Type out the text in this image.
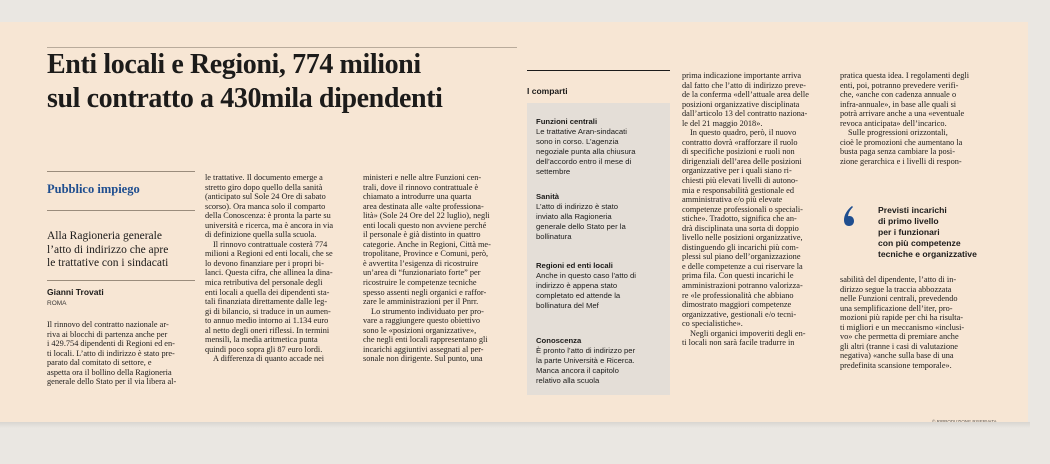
Enti locali e Regioni, 774 milioni
sul contratto a 430mila dipendenti
Pubblico impiego

Alla Ragioneria generale
l’atto di indirizzo che apre
le trattative con i sindacati

Gianni Trovati
ROMA
Il rinnovo del contratto nazionale ar-
riva ai blocchi di partenza anche per
i 429.754 dipendenti di Regioni ed en-
ti locali. L’atto di indirizzo è stato pre-
parato dal comitato di settore, e
aspetta ora il bollino della Ragioneria
generale dello Stato per il via libera al-
le trattative. Il documento emerge a
stretto giro dopo quello della sanità
(anticipato sul Sole 24 Ore di sabato
scorso). Ora manca solo il comparto
della Conoscenza: è pronta la parte su
università e ricerca, ma è ancora in via
di definizione quella sulla scuola.
Il rinnovo contrattuale costerà 774
milioni a Regioni ed enti locali, che se
lo devono finanziare per i propri bi-
lanci. Questa cifra, che allinea la dina-
mica retributiva del personale degli
enti locali a quella dei dipendenti sta-
tali finanziata direttamente dalle leg-
gi di bilancio, si traduce in un aumen-
to annuo medio intorno ai 1.134 euro
al netto degli oneri riflessi. In termini
mensili, la media aritmetica punta
quindi poco sopra gli 87 euro lordi.
A differenza di quanto accade nei
ministeri e nelle altre Funzioni cen-
trali, dove il rinnovo contrattuale è
chiamato a introdurre una quarta
area destinata alle «alte professiona-
lità» (Sole 24 Ore del 22 luglio), negli
enti locali questo non avviene perché
il personale è già distinto in quattro
categorie. Anche in Regioni, Città me-
tropolitane, Province e Comuni, però,
è avvertita l’esigenza di ricostruire
un’area di “funzionariato forte” per
ricostruire le competenze tecniche
spesso assenti negli organici e raffor-
zare le amministrazioni per il Pnrr.
Lo strumento individuato per pro-
vare a raggiungere questo obiettivo
sono le «posizioni organizzative»,
che negli enti locali rappresentano gli
incarichi aggiuntivi assegnati al per-
sonale non dirigente. Sul punto, una
I comparti
Funzioni centrali
Le trattative Aran-sindacati
sono in corso. L’agenzia
negoziale punta alla chiusura
dell’accordo entro il mese di
settembre
Sanità
L’atto di indirizzo è stato
inviato alla Ragioneria
generale dello Stato per la
bollinatura
Regioni ed enti locali
Anche in questo caso l’atto di
indirizzo è appena stato
completato ed attende la
bollinatura del Mef
Conoscenza
È pronto l’atto di indirizzo per
la parte Università e Ricerca.
Manca ancora il capitolo
relativo alla scuola
prima indicazione importante arriva
dal fatto che l’atto di indirizzo preve-
de la conferma «dell’attuale area delle
posizioni organizzative disciplinata
dall’articolo 13 del contratto naziona-
le del 21 maggio 2018».
In questo quadro, però, il nuovo
contratto dovrà «rafforzare il ruolo
di specifiche posizioni e ruoli non
dirigenziali dell’area delle posizioni
organizzative per i quali siano ri-
chiesti più elevati livelli di autono-
mia e responsabilità gestionale ed
amministrativa e/o più elevate
competenze professionali o speciali-
stiche». Tradotto, significa che an-
drà disciplinata una sorta di doppio
livello nelle posizioni organizzative,
distinguendo gli incarichi più com-
plessi sul piano dell’organizzazione
e delle competenze a cui riservare la
prima fila. Con questi incarichi le
amministrazioni potranno valorizza-
re «le professionalità che abbiano
dimostrato maggiori competenze
organizzative, gestionali e/o tecni-
co specialistiche».
Negli organici impoveriti degli en-
ti locali non sarà facile tradurre in
pratica questa idea. I regolamenti degli
enti, poi, potranno prevedere verifi-
che, «anche con cadenza annuale o
infra-annuale», in base alle quali si
potrà arrivare anche a una «eventuale
revoca anticipata» dell’incarico.
Sulle progressioni orizzontali,
cioè le promozioni che aumentano la
busta paga senza cambiare la posi-
zione gerarchica e i livelli di respon-
Previsti incarichi
di primo livello
per i funzionari
con più competenze
tecniche e organizzative
sabilità del dipendente, l’atto di in-
dirizzo segue la traccia abbozzata
nelle Funzioni centrali, prevedendo
una semplificazione dell’iter, pro-
mozioni più rapide per chi ha risulta-
ti migliori e un meccanismo «inclusi-
vo» che permetta di premiare anche
gli altri (tranne i casi di valutazione
negativa) «anche sulla base di una
predefinita scansione temporale».
© RIPRODUZIONE RISERVATA
